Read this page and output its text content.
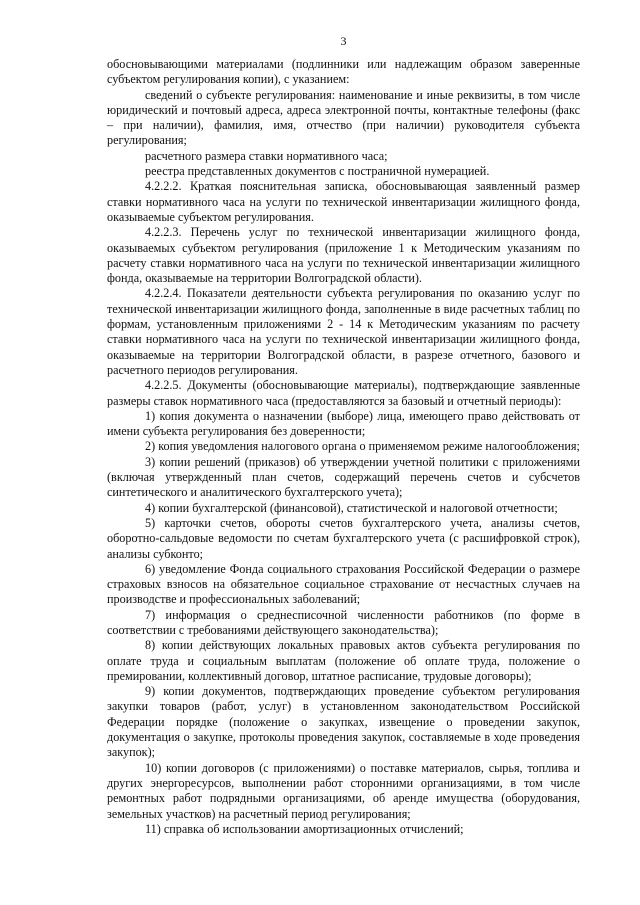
3

обосновывающими материалами (подлинники или надлежащим образом заверенные субъектом регулирования копии), с указанием:

сведений о субъекте регулирования: наименование и иные реквизиты, в том числе юридический и почтовый адреса, адреса электронной почты, контактные телефоны (факс – при наличии), фамилия, имя, отчество (при наличии) руководителя субъекта регулирования;

расчетного размера ставки нормативного часа;

реестра представленных документов с постраничной нумерацией.

4.2.2.2. Краткая пояснительная записка, обосновывающая заявленный размер ставки нормативного часа на услуги по технической инвентаризации жилищного фонда, оказываемые субъектом регулирования.

4.2.2.3. Перечень услуг по технической инвентаризации жилищного фонда, оказываемых субъектом регулирования (приложение 1 к Методическим указаниям по расчету ставки нормативного часа на услуги по технической инвентаризации жилищного фонда, оказываемые на территории Волгоградской области).

4.2.2.4. Показатели деятельности субъекта регулирования по оказанию услуг по технической инвентаризации жилищного фонда, заполненные в виде расчетных таблиц по формам, установленным приложениями 2 - 14 к Методическим указаниям по расчету ставки нормативного часа на услуги по технической инвентаризации жилищного фонда, оказываемые на территории Волгоградской области, в разрезе отчетного, базового и расчетного периодов регулирования.

4.2.2.5. Документы (обосновывающие материалы), подтверждающие заявленные размеры ставок нормативного часа (предоставляются за базовый и отчетный периоды):

1) копия документа о назначении (выборе) лица, имеющего право действовать от имени субъекта регулирования без доверенности;

2) копия уведомления налогового органа о применяемом режиме налогообложения;

3) копии решений (приказов) об утверждении учетной политики с приложениями (включая утвержденный план счетов, содержащий перечень счетов и субсчетов синтетического и аналитического бухгалтерского учета);

4) копии бухгалтерской (финансовой), статистической и налоговой отчетности;

5) карточки счетов, обороты счетов бухгалтерского учета, анализы счетов, оборотно-сальдовые ведомости по счетам бухгалтерского учета (с расшифровкой строк), анализы субконто;

6) уведомление Фонда социального страхования Российской Федерации о размере страховых взносов на обязательное социальное страхование от несчастных случаев на производстве и профессиональных заболеваний;

7) информация о среднесписочной численности работников (по форме в соответствии с требованиями действующего законодательства);

8) копии действующих локальных правовых актов субъекта регулирования по оплате труда и социальным выплатам (положение об оплате труда, положение о премировании, коллективный договор, штатное расписание, трудовые договоры);

9) копии документов, подтверждающих проведение субъектом регулирования закупки товаров (работ, услуг) в установленном законодательством Российской Федерации порядке (положение о закупках, извещение о проведении закупок, документация о закупке, протоколы проведения закупок, составляемые в ходе проведения закупок);

10) копии договоров (с приложениями) о поставке материалов, сырья, топлива и других энергоресурсов, выполнении работ сторонними организациями, в том числе ремонтных работ подрядными организациями, об аренде имущества (оборудования, земельных участков) на расчетный период регулирования;

11) справка об использовании амортизационных отчислений;
